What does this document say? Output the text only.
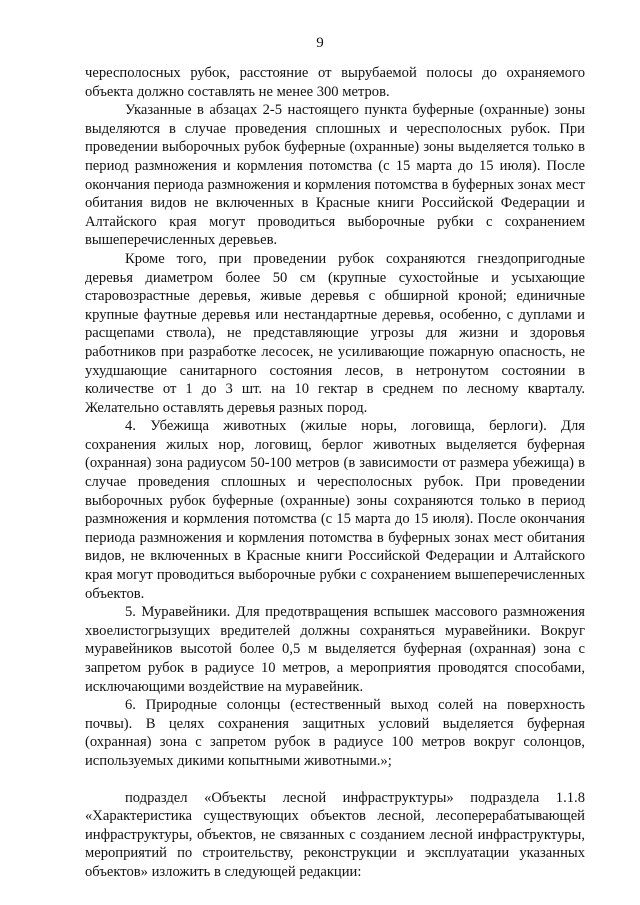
9

чересполосных рубок, расстояние от вырубаемой полосы до охраняемого объекта должно составлять не менее 300 метров.

Указанные в абзацах 2-5 настоящего пункта буферные (охранные) зоны выделяются в случае проведения сплошных и чересполосных рубок. При проведении выборочных рубок буферные (охранные) зоны выделяется только в период размножения и кормления потомства (с 15 марта до 15 июля). После окончания периода размножения и кормления потомства в буферных зонах мест обитания видов не включенных в Красные книги Российской Федерации и Алтайского края могут проводиться выборочные рубки с сохранением вышеперечисленных деревьев.

Кроме того, при проведении рубок сохраняются гнездопригодные деревья диаметром более 50 см (крупные сухостойные и усыхающие старовозрастные деревья, живые деревья с обширной кроной; единичные крупные фаутные деревья или нестандартные деревья, особенно, с дуплами и расщепами ствола), не представляющие угрозы для жизни и здоровья работников при разработке лесосек, не усиливающие пожарную опасность, не ухудшающие санитарного состояния лесов, в нетронутом состоянии в количестве от 1 до 3 шт. на 10 гектар в среднем по лесному кварталу. Желательно оставлять деревья разных пород.

4. Убежища животных (жилые норы, логовища, берлоги). Для сохранения жилых нор, логовищ, берлог животных выделяется буферная (охранная) зона радиусом 50-100 метров (в зависимости от размера убежища) в случае проведения сплошных и чересполосных рубок. При проведении выборочных рубок буферные (охранные) зоны сохраняются только в период размножения и кормления потомства (с 15 марта до 15 июля). После окончания периода размножения и кормления потомства в буферных зонах мест обитания видов, не включенных в Красные книги Российской Федерации и Алтайского края могут проводиться выборочные рубки с сохранением вышеперечисленных объектов.

5. Муравейники. Для предотвращения вспышек массового размножения хвоелистогрызущих вредителей должны сохраняться муравейники. Вокруг муравейников высотой более 0,5 м выделяется буферная (охранная) зона с запретом рубок в радиусе 10 метров, а мероприятия проводятся способами, исключающими воздействие на муравейник.

6. Природные солонцы (естественный выход солей на поверхность почвы). В целях сохранения защитных условий выделяется буферная (охранная) зона с запретом рубок в радиусе 100 метров вокруг солонцов, используемых дикими копытными животными.»;

подраздел «Объекты лесной инфраструктуры» подраздела 1.1.8 «Характеристика существующих объектов лесной, лесоперерабатывающей инфраструктуры, объектов, не связанных с созданием лесной инфраструктуры, мероприятий по строительству, реконструкции и эксплуатации указанных объектов» изложить в следующей редакции:
